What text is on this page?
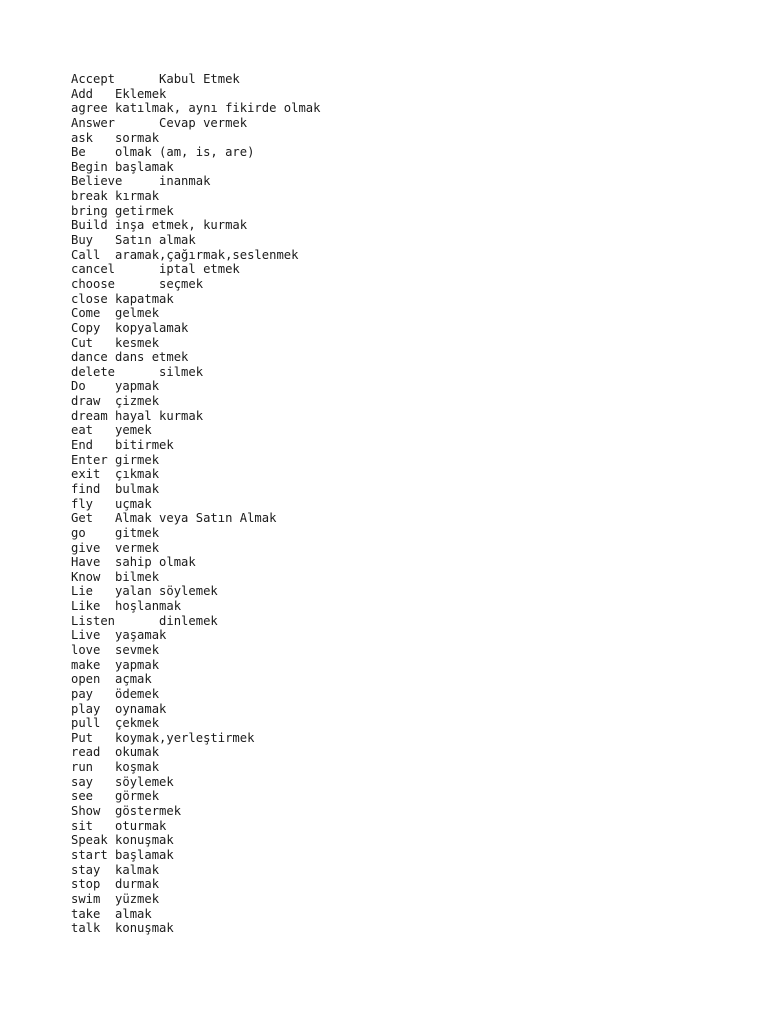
Accept      Kabul Etmek
Add   Eklemek
agree katılmak, aynı fikirde olmak
Answer      Cevap vermek
ask   sormak
Be    olmak (am, is, are)
Begin başlamak
Believe     inanmak
break kırmak
bring getirmek
Build inşa etmek, kurmak
Buy   Satın almak
Call  aramak,çağırmak,seslenmek
cancel      iptal etmek
choose      seçmek
close kapatmak
Come  gelmek
Copy  kopyalamak
Cut   kesmek
dance dans etmek
delete      silmek
Do    yapmak
draw  çizmek
dream hayal kurmak
eat   yemek
End   bitirmek
Enter girmek
exit  çıkmak
find  bulmak
fly   uçmak
Get   Almak veya Satın Almak
go    gitmek
give  vermek
Have  sahip olmak
Know  bilmek
Lie   yalan söylemek
Like  hoşlanmak
Listen      dinlemek
Live  yaşamak
love  sevmek
make  yapmak
open  açmak
pay   ödemek
play  oynamak
pull  çekmek
Put   koymak,yerleştirmek
read  okumak
run   koşmak
say   söylemek
see   görmek
Show  göstermek
sit   oturmak
Speak konuşmak
start başlamak
stay  kalmak
stop  durmak
swim  yüzmek
take  almak
talk  konuşmak
